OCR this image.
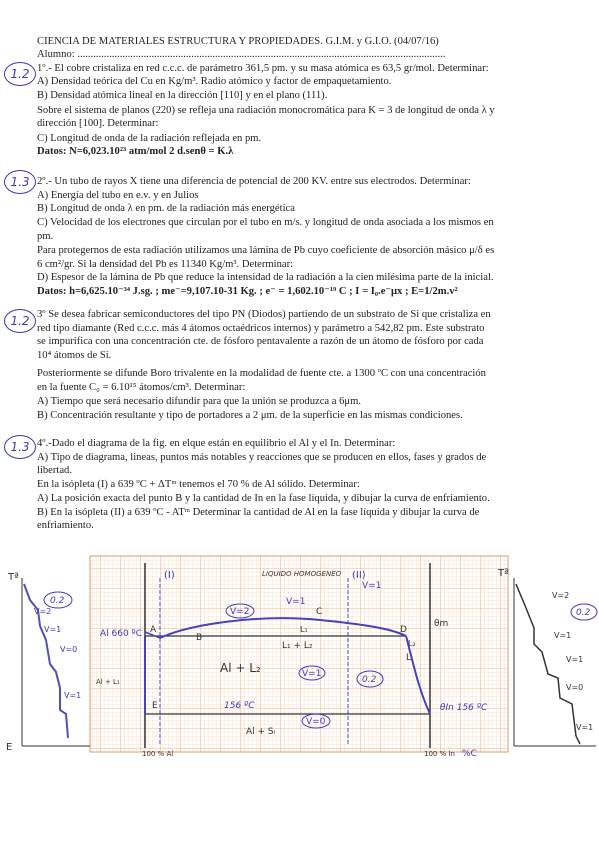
CIENCIA DE MATERIALES ESTRUCTURA Y PROPIEDADES. G.I.M. y G.I.O. (04/07/16)
Alumno: ...........................................................................................................................................
1.2 1º.- El cobre cristaliza en red c.c.c. de parámetro 361,5 pm. y su masa atómica es 63,5 gr/mol. Determinar:
A) Densidad teórica del Cu en Kg/m³. Radio atómico y factor de empaquetamiento.
B) Densidad atómica lineal en la dirección [110] y en el plano (111).
Sobre el sistema de planos (220) se refleja una radiación monocromática para K = 3 de longitud de onda λ y
dirección [100]. Determinar:
C) Longitud de onda de la radiación reflejada en pm.
Datos: N=6,023.10²³ atm/mol 2 d.senθ = K.λ
1.3 2º.- Un tubo de rayos X tiene una diferencia de potencial de 200 KV. entre sus electrodos. Determinar:
A) Energía del tubo en e.v. y en Julios
B) Longitud de onda λ en pm. de la radiación más energética
C) Velocidad de los electrones que circulan por el tubo en m/s. y longitud de onda asociada a los mismos en
pm.
Para protegernos de esta radiación utilizamos una lámina de Pb cuyo coeficiente de absorción másico μ/δ es
6 cm²/gr. Si la densidad del Pb es 11340 Kg/m³. Determinar:
D) Espesor de la lámina de Pb que reduce la intensidad de la radiación a la cien milésima parte de la inicial.
Datos: h=6,625.10⁻³⁴ J.sg. ; me⁻=9,107.10-31 Kg. ; e⁻ = 1,602.10⁻¹⁹ C ; I = I₀.e⁻μx ; E=1/2m.v²
1.2 3º Se desea fabricar semiconductores del tipo PN (Diodos) partiendo de un substrato de Si que cristaliza en
red tipo diamante (Red c.c.c. más 4 átomos octaédricos internos) y parámetro a 542,82 pm. Este substrato
se impurifica con una concentración cte. de fósforo pentavalente a razón de un átomo de fósforo por cada
10⁴ átomos de Si.
Posteriormente se difunde Boro trivalente en la modalidad de fuente cte. a 1300 ºC con una concentración
en la fuente C₀ = 6.10¹⁵ átomos/cm³. Determinar:
A) Tiempo que será necesario difundir para que la unión se produzca a 6μm.
B) Concentración resultante y tipo de portadores a 2 μm. de la superficie en las mismas condiciones.
1.3 4º.-Dado el diagrama de la fig. en elque están en equilibrio el Al y el In. Determinar:
A) Tipo de diagrama, lineas, puntos más notables y reacciones que se producen en ellos, fases y grados de
libertad.
En la isópleta (I) a 639 ºC + ΔTᵐ tenemos el 70 % de Al sólido. Determinar:
A) La posición exacta del punto B y la cantidad de In en la fase líquida, y dibujar la curva de enfriamiento.
B) En la isópleta (II) a 639 ºC - ATᵐ Determinar la cantidad de Al en la fase líquida y dibujar la curva de
enfriamiento.
Tª
E
V=2
V=1
V=0
V=1
0.2
Tª
V=2
V=1
V=1
V=0
V=1
0.2
(I)	(II)
LIQUIDO HOMOGENEO
Al 660 ºC A
B
C
D
E
L₁
L₂
V=2
L₁ + L₂
Al + L₂
Al + L₁
L
V=1
V=1
V=1
V=0
156 ºC
Al + Sᵢ
θm
θIn 156 ºC
0.2
100 % Al	100 % In %C
